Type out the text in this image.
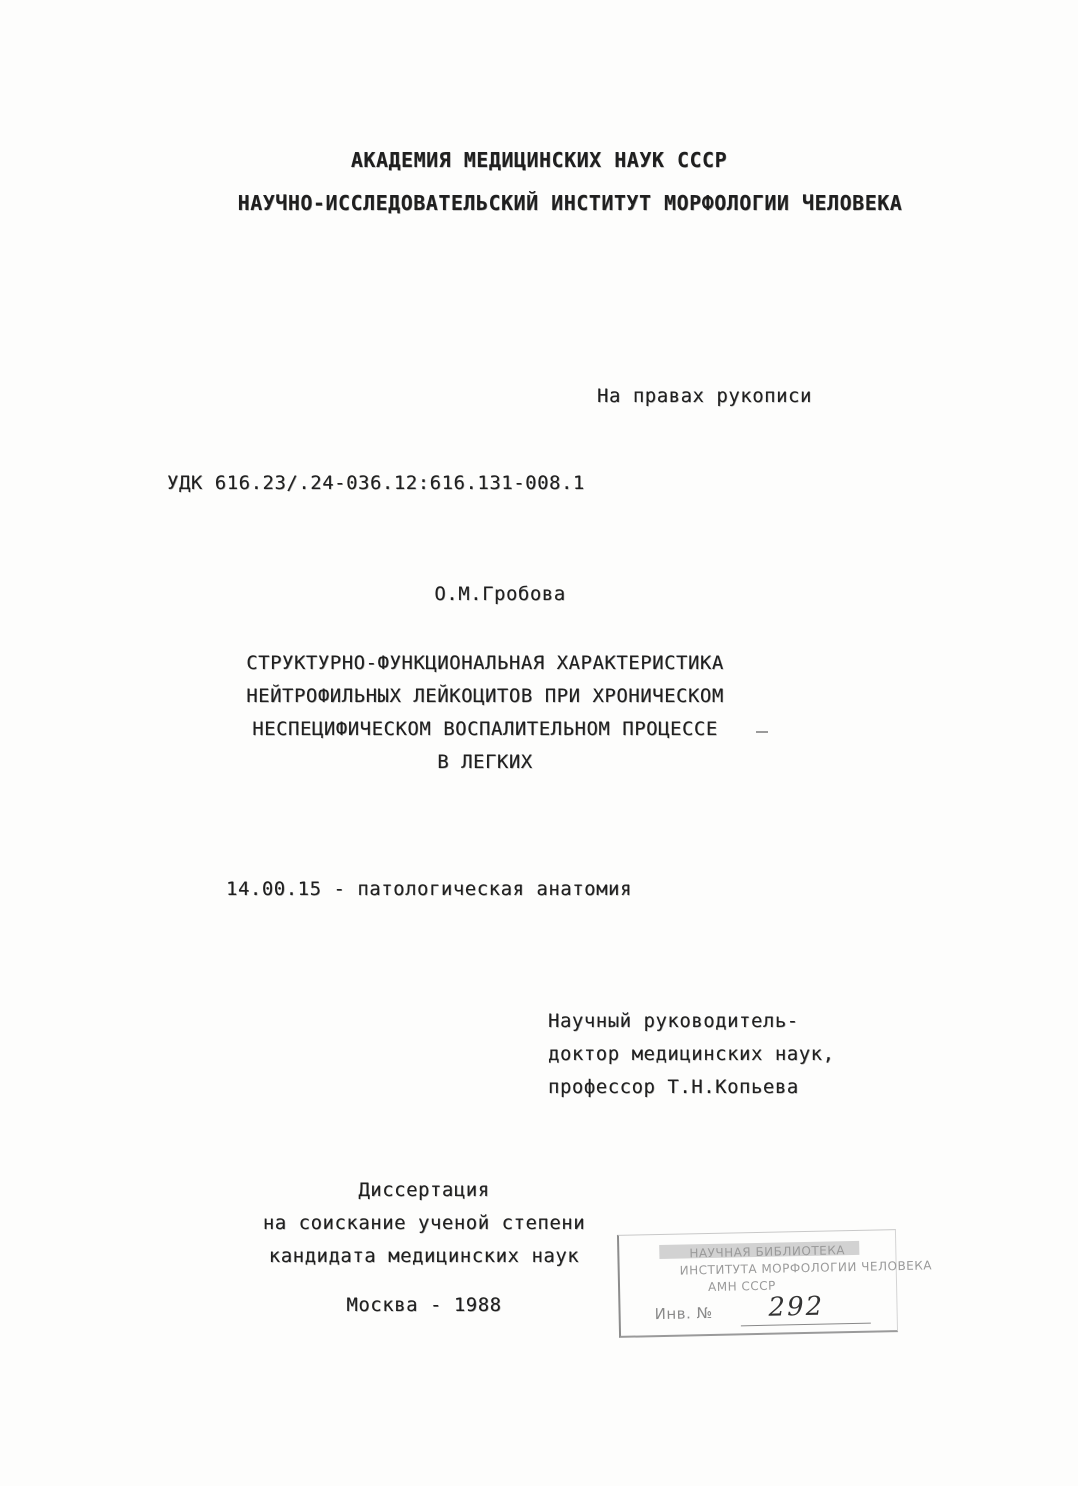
АКАДЕМИЯ МЕДИЦИНСКИХ НАУК СССР
НАУЧНО-ИССЛЕДОВАТЕЛЬСКИЙ ИНСТИТУТ МОРФОЛОГИИ ЧЕЛОВЕКА
На правах рукописи
УДК 616.23/.24-036.12:616.131-008.1
О.М.Гробова
СТРУКТУРНО-ФУНКЦИОНАЛЬНАЯ ХАРАКТЕРИСТИКА
НЕЙТРОФИЛЬНЫХ ЛЕЙКОЦИТОВ ПРИ ХРОНИЧЕСКОМ
НЕСПЕЦИФИЧЕСКОМ ВОСПАЛИТЕЛЬНОМ ПРОЦЕССЕ
В ЛЕГКИХ
14.00.15 - патологическая анатомия
Научный руководитель-
доктор медицинских наук,
профессор Т.Н.Копьева
Диссертация
на соискание ученой степени
кандидата медицинских наук
Москва - 1988
НАУЧНАЯ БИБЛИОТЕКА
ИНСТИТУТА МОРФОЛОГИИ ЧЕЛОВЕКА
АМН СССР
Инв. № 292
